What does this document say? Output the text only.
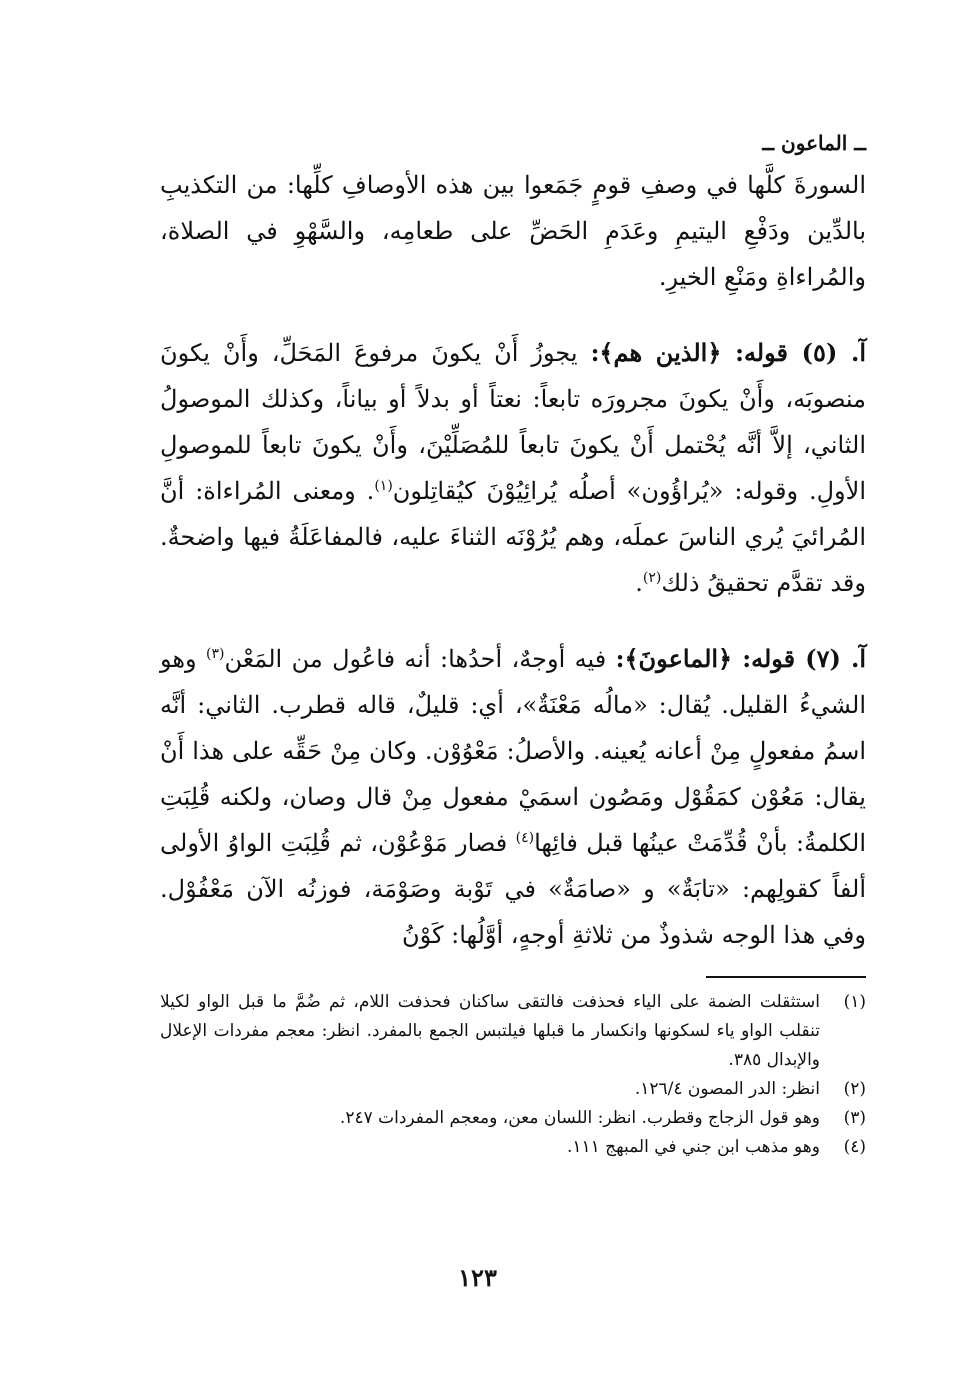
ــ الماعون ــ

السورةَ كلَّها في وصفِ قومٍ جَمَعوا بين هذه الأوصافِ كلِّها: من التكذيبِ بالدِّين ودَفْعِ اليتيمِ وعَدَمِ الحَضِّ على طعامِه، والسَّهْوِ في الصلاة، والمُراءاةِ ومَنْعِ الخيرِ.

آ. (٥) قوله: ﴿الذين هم﴾: يجوزُ أَنْ يكونَ مرفوعَ المَحَلِّ، وأَنْ يكونَ منصوبَه، وأَنْ يكونَ مجرورَه تابعاً: نعتاً أو بدلاً أو بياناً، وكذلك الموصولُ الثاني، إلاَّ أنَّه يُحْتمل أَنْ يكونَ تابعاً للمُصَلِّيْنَ، وأَنْ يكونَ تابعاً للموصولِ الأولِ. وقوله: «يُراؤُون» أصلُه يُرائِيُوْنَ كيُقاتِلون$^{(١)}$. ومعنى المُراءاة: أنَّ المُرائيَ يُري الناسَ عملَه، وهم يُرُوْنَه الثناءَ عليه، فالمفاعَلَةُ فيها واضحةٌ. وقد تقدَّم تحقيقُ ذلك$^{(٢)}$.

آ. (٧) قوله: ﴿الماعونَ﴾: فيه أوجهٌ، أحدُها: أنه فاعُول من المَعْن$^{(٣)}$ وهو الشيءُ القليل. يُقال: «مالُه مَعْنَةٌ»، أي: قليلٌ، قاله قطرب. الثاني: أنَّه اسمُ مفعولٍ مِنْ أعانه يُعينه. والأصلُ: مَعْوُوْن. وكان مِنْ حَقِّه على هذا أَنْ يقال: مَعُوْن كمَقُوْل ومَصُون اسمَيْ مفعول مِنْ قال وصان، ولكنه قُلِبَتِ الكلمةُ: بأنْ قُدِّمَتْ عينُها قبل فائِها$^{(٤)}$ فصار مَوْعُوْن، ثم قُلِبَتِ الواوُ الأولى ألفاً كقولِهم: «تابَةٌ» و «صامَةٌ» في تَوْبة وصَوْمَة، فوزنُه الآن مَعْفُوْل. وفي هذا الوجه شذوذٌ من ثلاثةِ أوجهٍ، أوَّلُها: كَوْنُ

(١)
استثقلت الضمة على الياء فحذفت فالتقى ساكنان فحذفت اللام، ثم ضُمَّ ما قبل الواو لكيلا تنقلب الواو ياء لسكونها وانكسار ما قبلها فيلتبس الجمع بالمفرد. انظر: معجم مفردات الإعلال والإبدال ٣٨٥.
(٢)
انظر: الدر المصون ١٢٦/٤.
(٣)
وهو قول الزجاج وقطرب. انظر: اللسان معن، ومعجم المفردات ٢٤٧.
(٤)
وهو مذهب ابن جني في المبهج ١١١.
١٢٣
